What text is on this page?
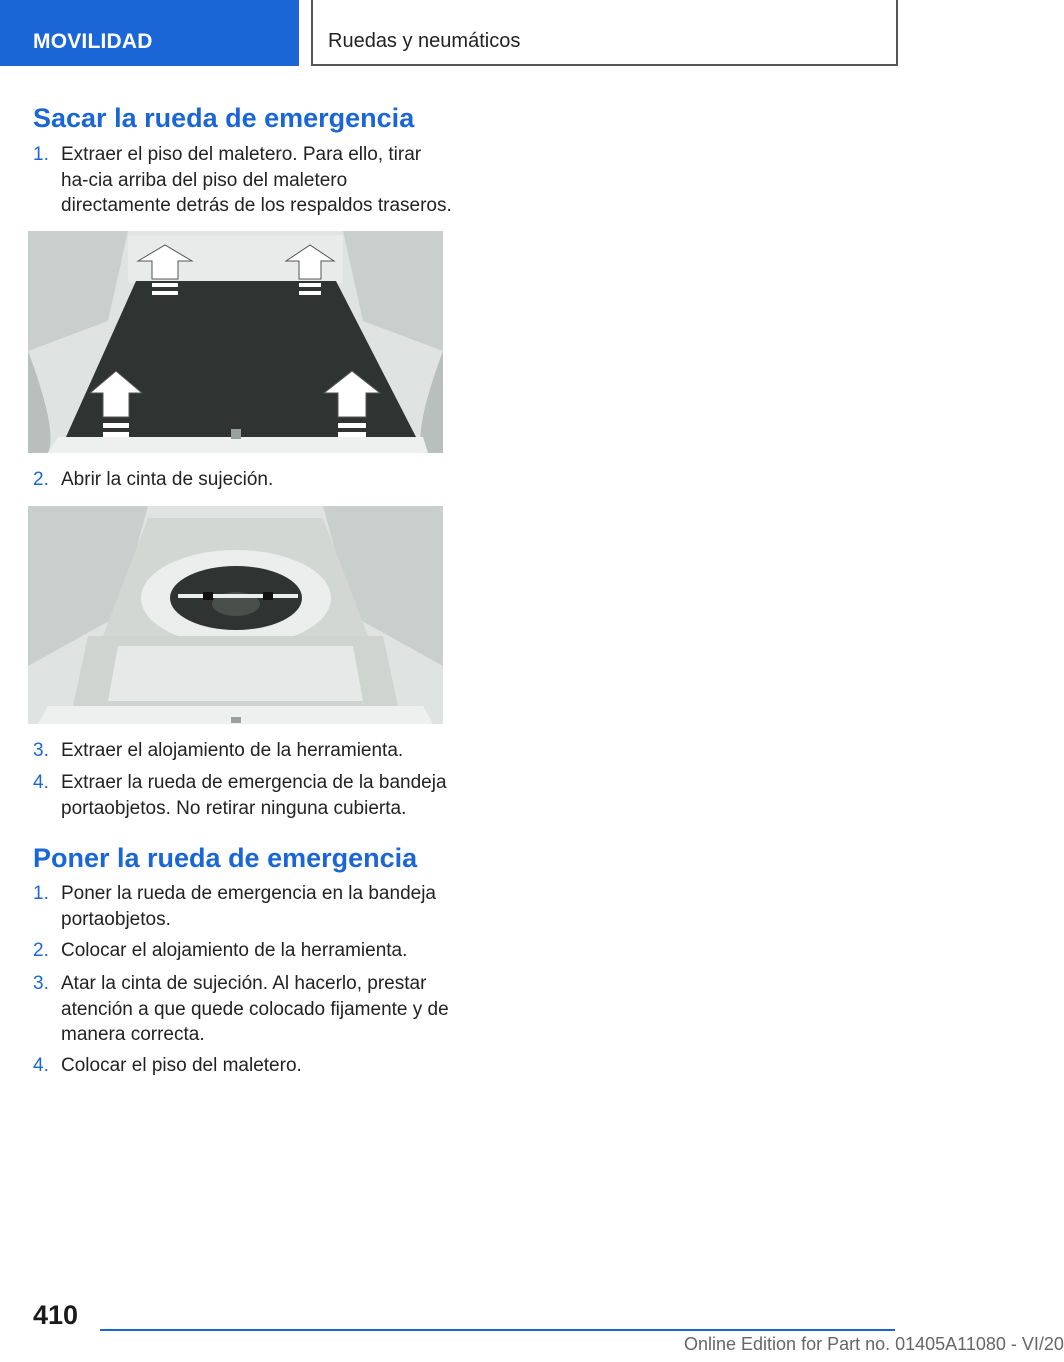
MOVILIDAD	Ruedas y neumáticos
Sacar la rueda de emergencia
1. Extraer el piso del maletero. Para ello, tirar ha-cia arriba del piso del maletero directamente detrás de los respaldos traseros.
2. Abrir la cinta de sujeción.
3. Extraer el alojamiento de la herramienta.
4. Extraer la rueda de emergencia de la bandeja portaobjetos. No retirar ninguna cubierta.
Poner la rueda de emergencia
1. Poner la rueda de emergencia en la bandeja portaobjetos.
2. Colocar el alojamiento de la herramienta.
3. Atar la cinta de sujeción. Al hacerlo, prestar atención a que quede colocado fijamente y de manera correcta.
4. Colocar el piso del maletero.
410
Online Edition for Part no. 01405A11080 - VI/20
